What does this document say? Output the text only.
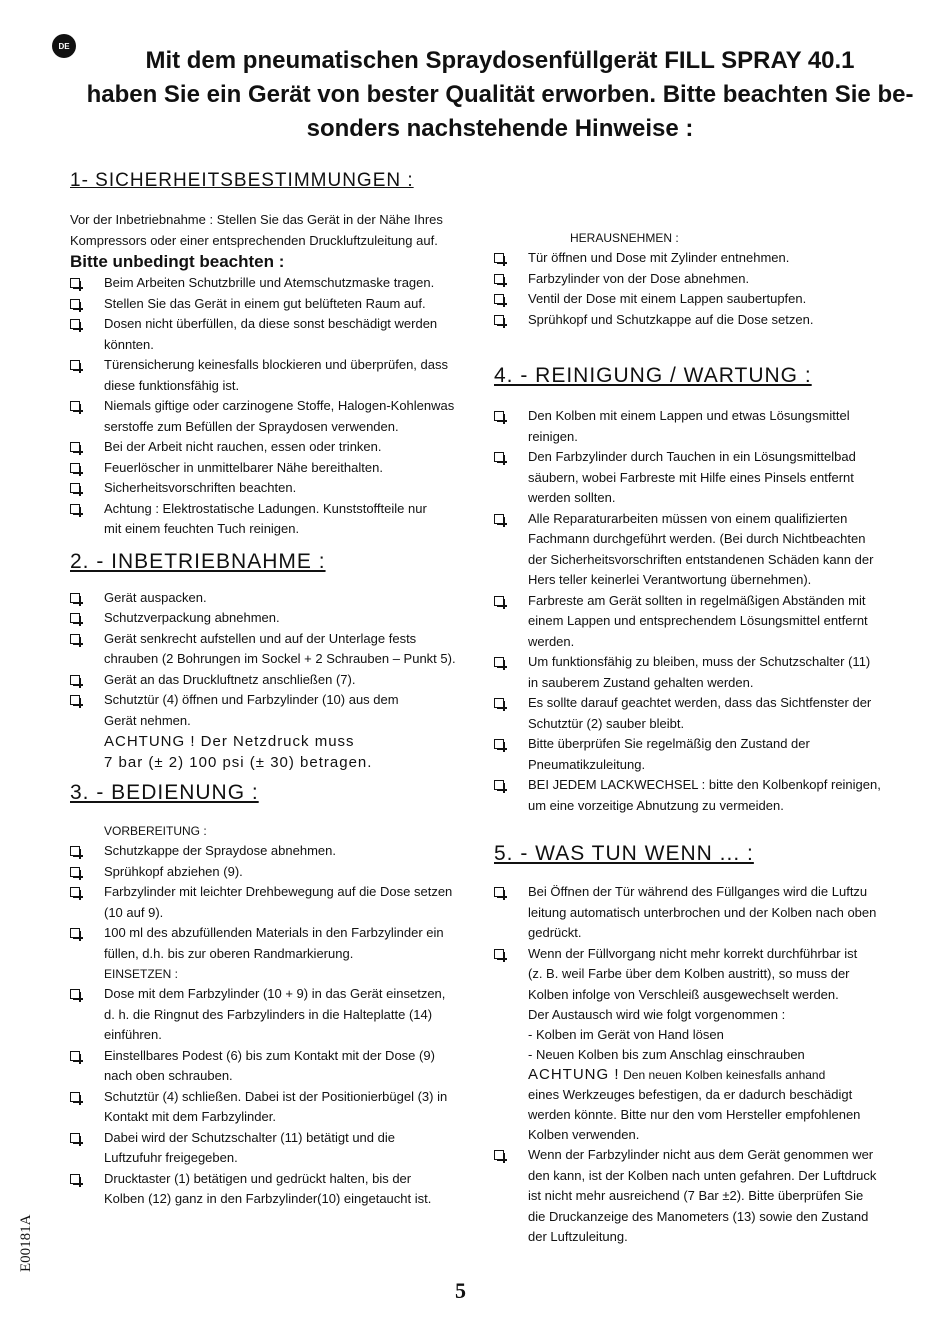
DE
Mit dem pneumatischen Spraydosenfüllgerät FILL SPRAY 40.1
haben Sie ein Gerät von bester Qualität erworben. Bitte beachten Sie be-
sonders nachstehende Hinweise :
1- SICHERHEITSBESTIMMUNGEN :
Vor der Inbetriebnahme : Stellen Sie das Gerät in der Nähe Ihres
Kompressors oder einer entsprechenden Druckluftzuleitung auf.
Bitte unbedingt beachten :
Beim Arbeiten Schutzbrille und Atemschutzmaske tragen.
Stellen Sie das Gerät in einem gut belüfteten Raum auf.
Dosen nicht überfüllen, da diese sonst beschädigt werden
könnten.
Türensicherung keinesfalls blockieren und überprüfen, dass
diese funktionsfähig ist.
Niemals giftige oder carzinogene Stoffe, Halogen-Kohlenwas
serstoffe zum Befüllen der Spraydosen verwenden.
Bei der Arbeit nicht rauchen, essen oder trinken.
Feuerlöscher in unmittelbarer Nähe bereithalten.
Sicherheitsvorschriften beachten.
Achtung : Elektrostatische Ladungen. Kunststoffteile nur
mit einem feuchten Tuch reinigen.
2. - INBETRIEBNAHME :
Gerät auspacken.
Schutzverpackung abnehmen.
Gerät senkrecht aufstellen und auf der Unterlage fests
chrauben (2 Bohrungen im Sockel + 2 Schrauben – Punkt 5).
Gerät an das Druckluftnetz anschließen (7).
Schutztür (4) öffnen und Farbzylinder (10) aus dem
Gerät nehmen.
ACHTUNG ! Der Netzdruck muss
7 bar (± 2) 100 psi (± 30) betragen.
3. - BEDIENUNG :
VORBEREITUNG :
Schutzkappe der Spraydose abnehmen.
Sprühkopf abziehen (9).
Farbzylinder mit leichter Drehbewegung auf die Dose setzen
(10 auf 9).
100 ml des abzufüllenden Materials in den Farbzylinder ein
füllen, d.h. bis zur oberen Randmarkierung.
EINSETZEN :
Dose mit dem Farbzylinder (10 + 9) in das Gerät einsetzen,
d. h. die Ringnut des Farbzylinders in die Halteplatte (14)
einführen.
Einstellbares Podest (6) bis zum Kontakt mit der Dose (9)
nach oben schrauben.
Schutztür (4) schließen. Dabei ist der Positionierbügel (3) in
Kontakt mit dem Farbzylinder.
Dabei wird der Schutzschalter (11) betätigt und die
Luftzufuhr freigegeben.
Drucktaster (1) betätigen und gedrückt halten, bis der
Kolben (12) ganz in den Farbzylinder(10) eingetaucht ist.
HERAUSNEHMEN :
Tür öffnen und Dose mit Zylinder entnehmen.
Farbzylinder von der Dose abnehmen.
Ventil der Dose mit einem Lappen saubertupfen.
Sprühkopf und Schutzkappe auf die Dose setzen.
4. - REINIGUNG / WARTUNG :
Den Kolben mit einem Lappen und etwas Lösungsmittel
reinigen.
Den Farbzylinder durch Tauchen in ein Lösungsmittelbad
säubern, wobei Farbreste mit Hilfe eines Pinsels entfernt
werden sollten.
Alle Reparaturarbeiten müssen von einem qualifizierten
Fachmann durchgeführt werden. (Bei durch Nichtbeachten
der Sicherheitsvorschriften entstandenen Schäden kann der
Hers teller keinerlei Verantwortung übernehmen).
Farbreste am Gerät sollten in regelmäßigen Abständen mit
einem Lappen und entsprechendem Lösungsmittel entfernt
werden.
Um funktionsfähig zu bleiben, muss der Schutzschalter (11)
in sauberem Zustand gehalten werden.
Es sollte darauf geachtet werden, dass das Sichtfenster der
Schutztür (2) sauber bleibt.
Bitte überprüfen Sie regelmäßig den Zustand der
Pneumatikzuleitung.
BEI JEDEM LACKWECHSEL : bitte den Kolbenkopf reinigen,
um eine vorzeitige Abnutzung zu vermeiden.
5. - WAS TUN WENN ... :
Bei Öffnen der Tür während des Füllganges wird die Luftzu
leitung automatisch unterbrochen und der Kolben nach oben
gedrückt.
Wenn der Füllvorgang nicht mehr korrekt durchführbar ist
(z. B. weil Farbe über dem Kolben austritt), so muss der
Kolben infolge von Verschleiß ausgewechselt werden.
Der Austausch wird wie folgt vorgenommen :
- Kolben im Gerät von Hand lösen
- Neuen Kolben bis zum Anschlag einschrauben
ACHTUNG ! Den neuen Kolben keinesfalls anhand
eines Werkzeuges befestigen, da er dadurch beschädigt
werden könnte. Bitte nur den vom Hersteller empfohlenen
Kolben verwenden.
Wenn der Farbzylinder nicht aus dem Gerät genommen wer
den kann, ist der Kolben nach unten gefahren. Der Luftdruck
ist nicht mehr ausreichend (7 Bar ±2). Bitte überprüfen Sie
die Druckanzeige des Manometers (13) sowie den Zustand
der Luftzuleitung.
E00181A
5
